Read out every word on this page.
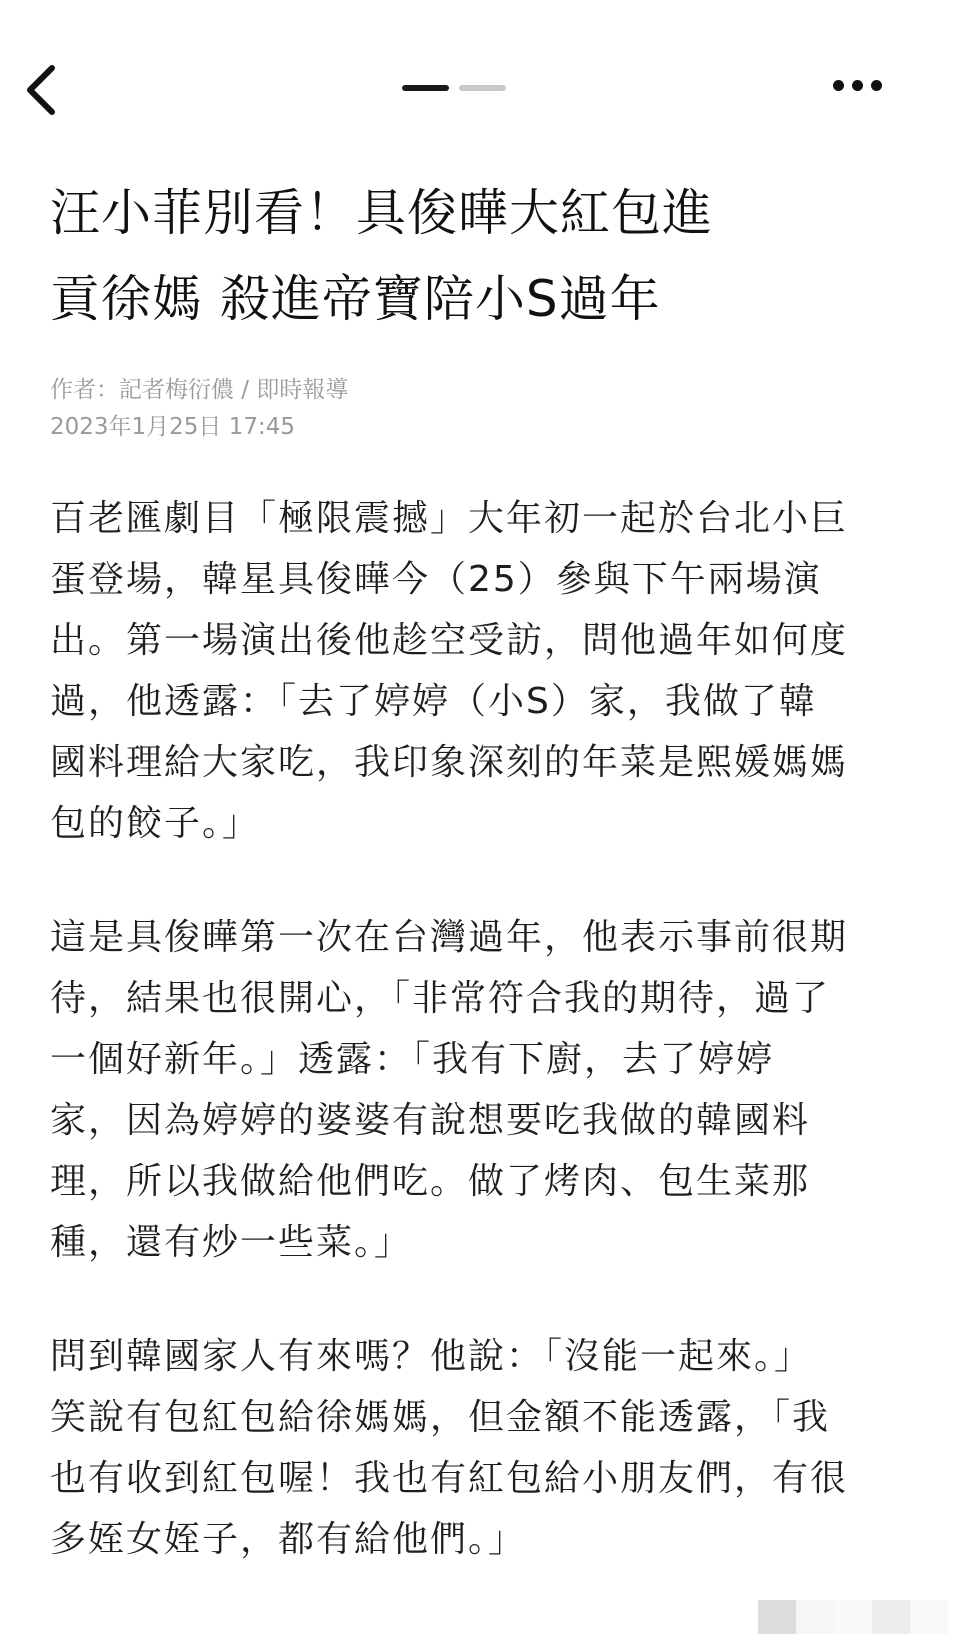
汪小菲別看！具俊曄大紅包進
貢徐媽 殺進帝寶陪小S過年
作者：記者梅衍儂 / 即時報導
2023年1月25日 17:45

百老匯劇目「極限震撼」大年初一起於台北小巨
蛋登場，韓星具俊曄今（25）參與下午兩場演
出。第一場演出後他趁空受訪，問他過年如何度
過，他透露：「去了婷婷（小S）家，我做了韓
國料理給大家吃，我印象深刻的年菜是熙媛媽媽
包的餃子。」

這是具俊曄第一次在台灣過年，他表示事前很期
待，結果也很開心，「非常符合我的期待，過了
一個好新年。」透露：「我有下廚，去了婷婷
家，因為婷婷的婆婆有說想要吃我做的韓國料
理，所以我做給他們吃。做了烤肉、包生菜那
種，還有炒一些菜。」

問到韓國家人有來嗎？他說：「沒能一起來。」
笑說有包紅包給徐媽媽，但金額不能透露，「我
也有收到紅包喔！我也有紅包給小朋友們，有很
多姪女姪子，都有給他們。」
